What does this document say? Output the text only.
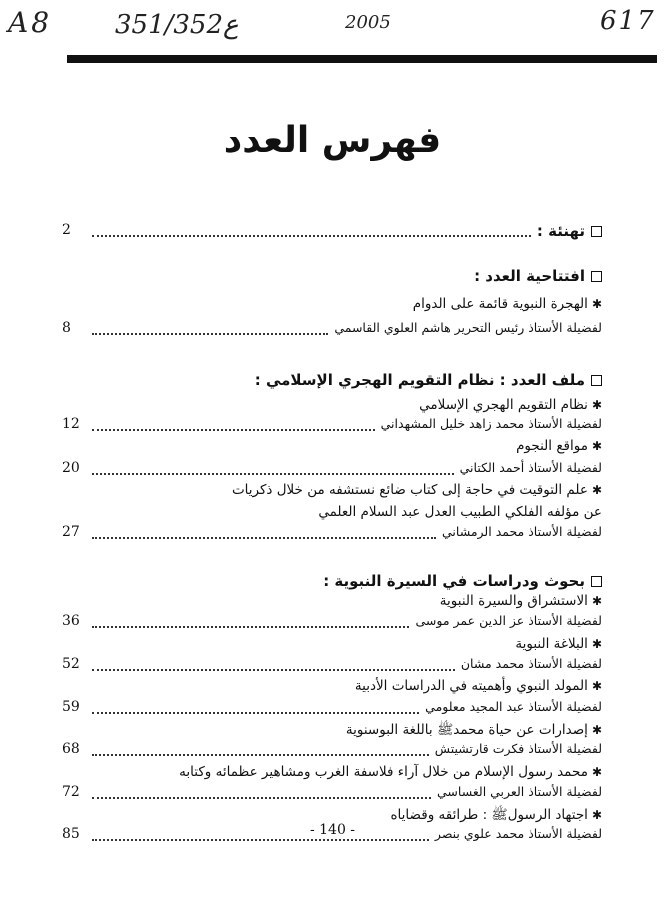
A8 351/352ع	2005	617
فهرس العدد
تهنئة :
2
افتتاحية العدد :
✱الهجرة النبوية قائمة على الدوام
لفضيلة الأستاذ رئيس التحرير هاشم العلوي القاسمي
8
ملف العدد : نظام التقويم الهجري الإسلامي :
✱نظام التقويم الهجري الإسلامي
لفضيلة الأستاذ محمد زاهد خليل المشهداني
12
✱مواقع النجوم
لفضيلة الأستاذ أحمد الكتاني
20
✱علم التوقيت في حاجة إلى كتاب ضائع نستشفه من خلال ذكريات
عن مؤلفه الفلكي الطبيب العدل عبد السلام العلمي
لفضيلة الأستاذ محمد الرمشاني
27
بحوث ودراسات في السيرة النبوية :
✱الاستشراق والسيرة النبوية
لفضيلة الأستاذ عز الدين عمر موسى
36
✱البلاغة النبوية
لفضيلة الأستاذ محمد مشان
52
✱المولد النبوي وأهميته في الدراسات الأدبية
لفضيلة الأستاذ عبد المجيد معلومي
59
✱إصدارات عن حياة محمدﷺ باللغة البوسنوية
لفضيلة الأستاذ فكرت قارتشيتش
68
✱محمد رسول الإسلام من خلال آراء فلاسفة الغرب ومشاهير عظمائه وكتابه
لفضيلة الأستاذ العربي الغساسي
72
✱اجتهاد الرسولﷺ : طرائقه وقضاياه
لفضيلة الأستاذ محمد علوي بنصر
85	- 140 -
